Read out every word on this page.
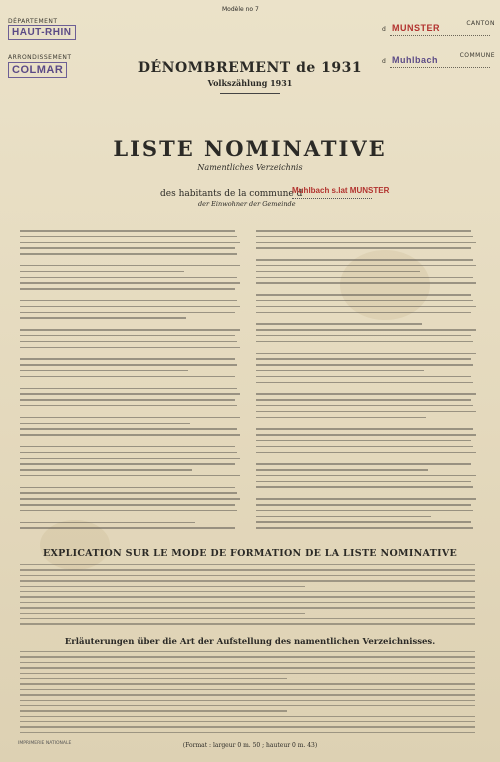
DÉPARTEMENT
HAUT-RHIN
ARRONDISSEMENT
COLMAR
Modèle no 7
CANTON
d MUNSTER
COMMUNE
d Muhlbach
DÉNOMBREMENT de 1931
Volkszählung 1931
LISTE NOMINATIVE
Namentliches Verzeichnis
des habitants de la commune d
Muhlbach s.lat MUNSTER
der Einwohner der Gemeinde
EXPLICATION SUR LE MODE DE FORMATION DE LA LISTE NOMINATIVE
Erläuterungen über die Art der Aufstellung des namentlichen Verzeichnisses.
IMPRIMERIE NATIONALE	(Format : largeur 0 m. 50 ; hauteur 0 m. 43)
